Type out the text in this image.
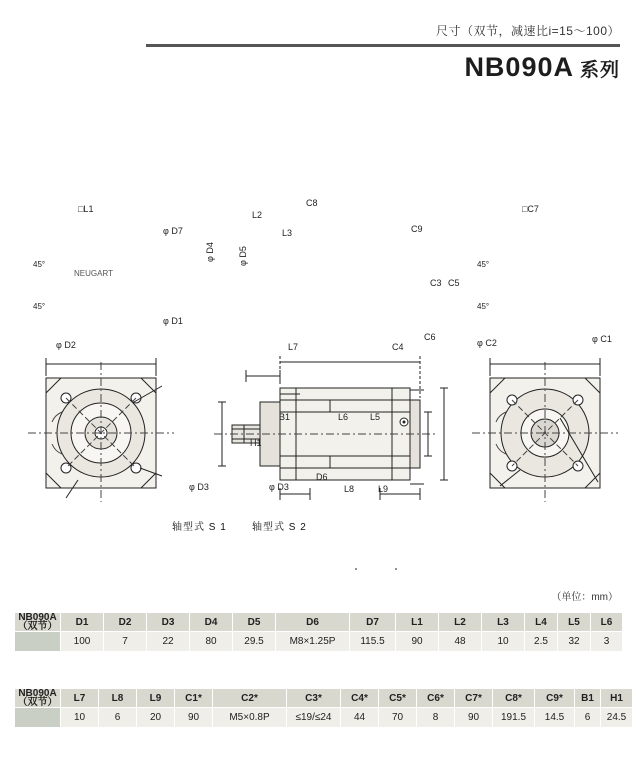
尺寸（双节，减速比i=15～100）
NB090A 系列
□L1
φ D7
φ D1
φ D2
45°
45°
NEUGART
C8
L2
L3	C9
C3 C5
C6
C4
L7
φ D4	φ D5
□C7
45°
45°
φ C2	φ C1
φ D3	φ D3
D6
H1
B1	L6 L5
L8	L9
轴型式 S 1	轴型式 S 2
（单位：mm）
NB090A
（双节）	D1	D2	D3	D4	D5	D6	D7	L1	L2	L3	L4	L5	L6
	100	7	22	80	29.5	M8×1.25P	115.5	90	48	10	2.5	32	3
NB090A
（双节）	L7	L8	L9	C1*	C2*	C3*	C4*	C5*	C6*	C7*	C8*	C9*	B1	H1
	10	6	20	90	M5×0.8P	≤19/≤24	44	70	8	90	191.5	14.5	6	24.5
